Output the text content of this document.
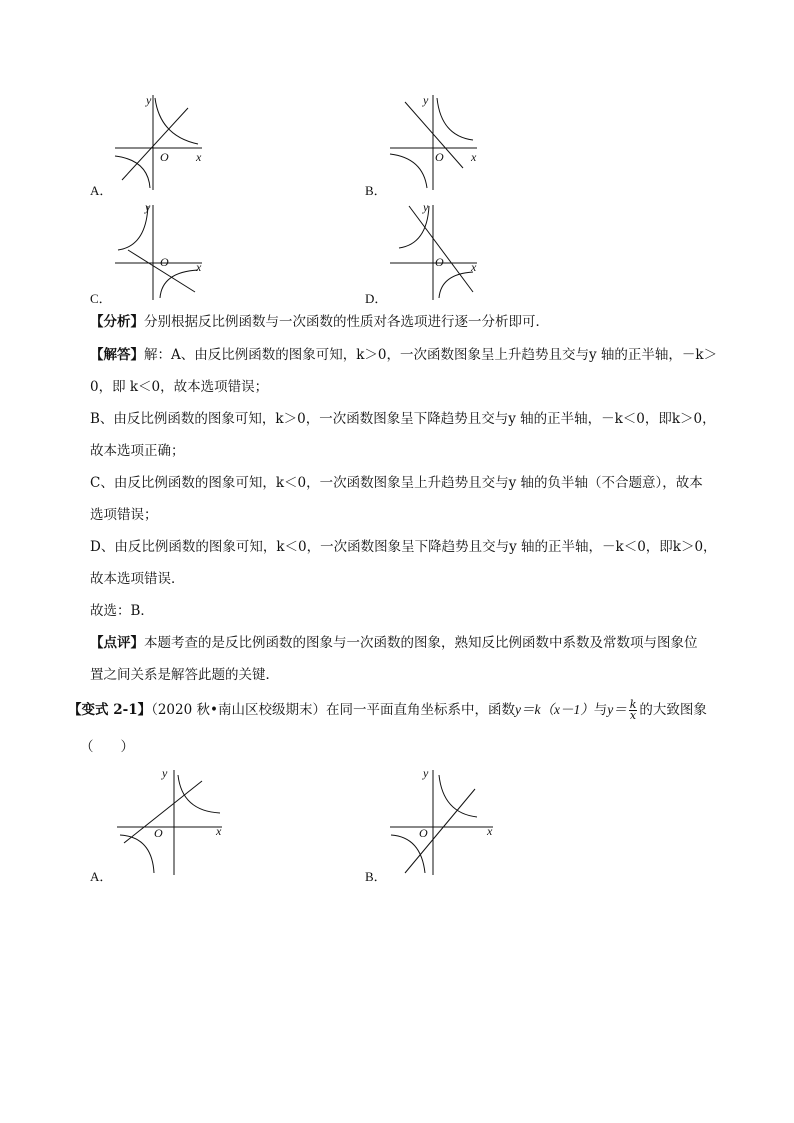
y
x
O
A．
y
x
O
B．
y
x
O
C．
y
x
O
D．
【分析】分别根据反比例函数与一次函数的性质对各选项进行逐一分析即可．
【解答】解：A、由反比例函数的图象可知，k＞0，一次函数图象呈上升趋势且交与y 轴的正半轴，－k＞
0，即 k＜0，故本选项错误；
B、由反比例函数的图象可知，k＞0，一次函数图象呈下降趋势且交与y 轴的正半轴，－k＜0，即k＞0，
故本选项正确；
C、由反比例函数的图象可知，k＜0，一次函数图象呈上升趋势且交与y 轴的负半轴（不合题意），故本
选项错误；
D、由反比例函数的图象可知，k＜0，一次函数图象呈下降趋势且交与y 轴的正半轴，－k＜0，即k＞0，
故本选项错误．
故选：B．
【点评】本题考查的是反比例函数的图象与一次函数的图象，熟知反比例函数中系数及常数项与图象位
置之间关系是解答此题的关键．
【变式 2-1】（2020 秋•南山区校级期末）在同一平面直角坐标系中，函数y＝k（x－1）与$y= \frac{k}{x}$ 的大致图象
（　　）
y
x
O
A．
y
x
O
B．
